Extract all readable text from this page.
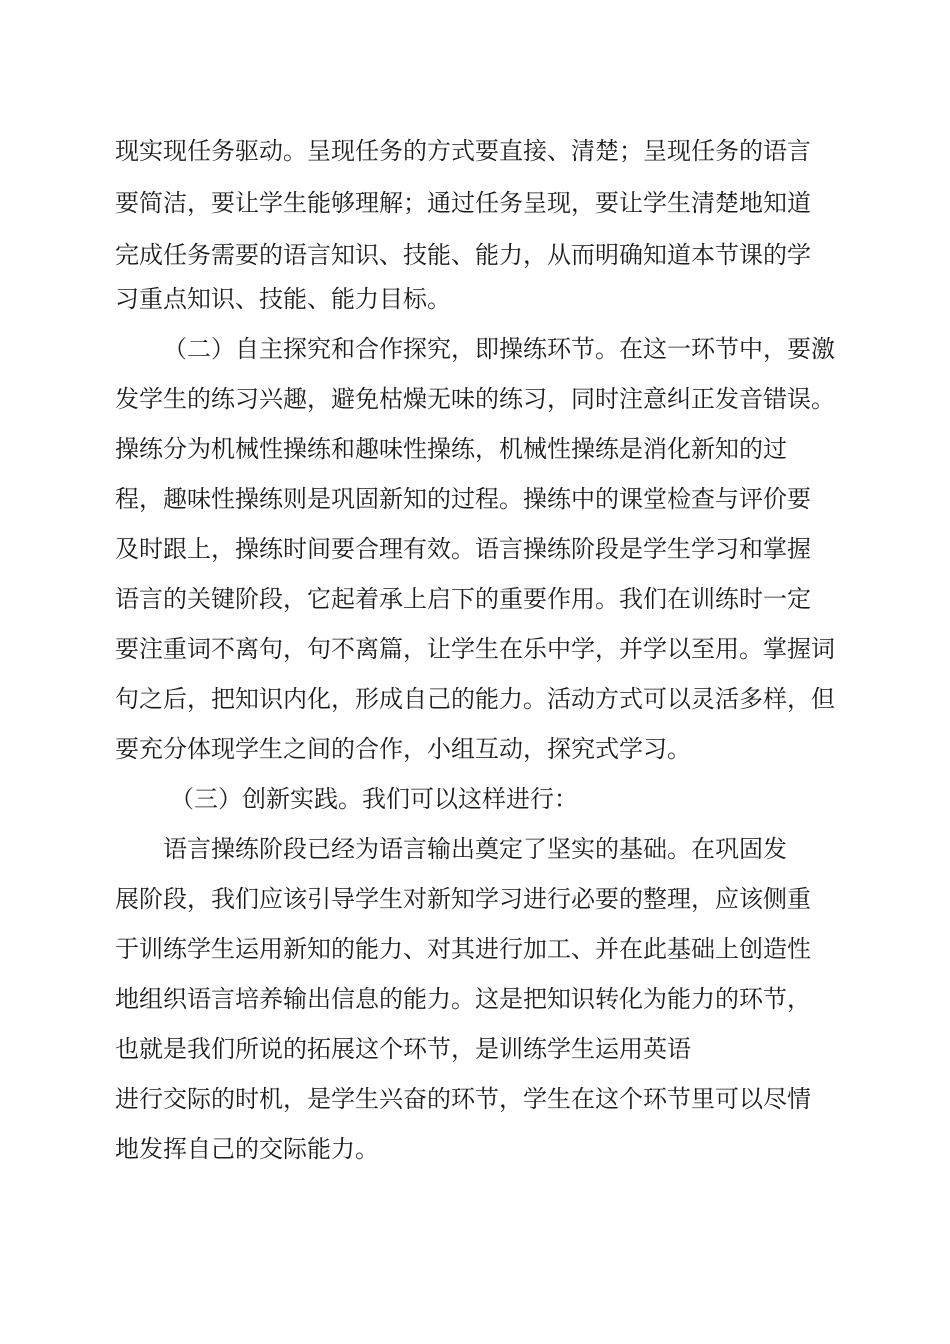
现实现任务驱动。呈现任务的方式要直接、清楚；呈现任务的语言
要简洁，要让学生能够理解；通过任务呈现，要让学生清楚地知道
完成任务需要的语言知识、技能、能力，从而明确知道本节课的学
习重点知识、技能、能力目标。
（二）自主探究和合作探究，即操练环节。在这一环节中，要激
发学生的练习兴趣，避免枯燥无味的练习，同时注意纠正发音错误。
操练分为机械性操练和趣味性操练，机械性操练是消化新知的过
程，趣味性操练则是巩固新知的过程。操练中的课堂检查与评价要
及时跟上，操练时间要合理有效。语言操练阶段是学生学习和掌握
语言的关键阶段，它起着承上启下的重要作用。我们在训练时一定
要注重词不离句，句不离篇，让学生在乐中学，并学以至用。掌握词
句之后，把知识内化，形成自己的能力。活动方式可以灵活多样，但
要充分体现学生之间的合作，小组互动，探究式学习。
（三）创新实践。我们可以这样进行：
语言操练阶段已经为语言输出奠定了坚实的基础。在巩固发
展阶段，我们应该引导学生对新知学习进行必要的整理，应该侧重
于训练学生运用新知的能力、对其进行加工、并在此基础上创造性
地组织语言培养输出信息的能力。这是把知识转化为能力的环节，
也就是我们所说的拓展这个环节，是训练学生运用英语
进行交际的时机，是学生兴奋的环节，学生在这个环节里可以尽情
地发挥自己的交际能力。
